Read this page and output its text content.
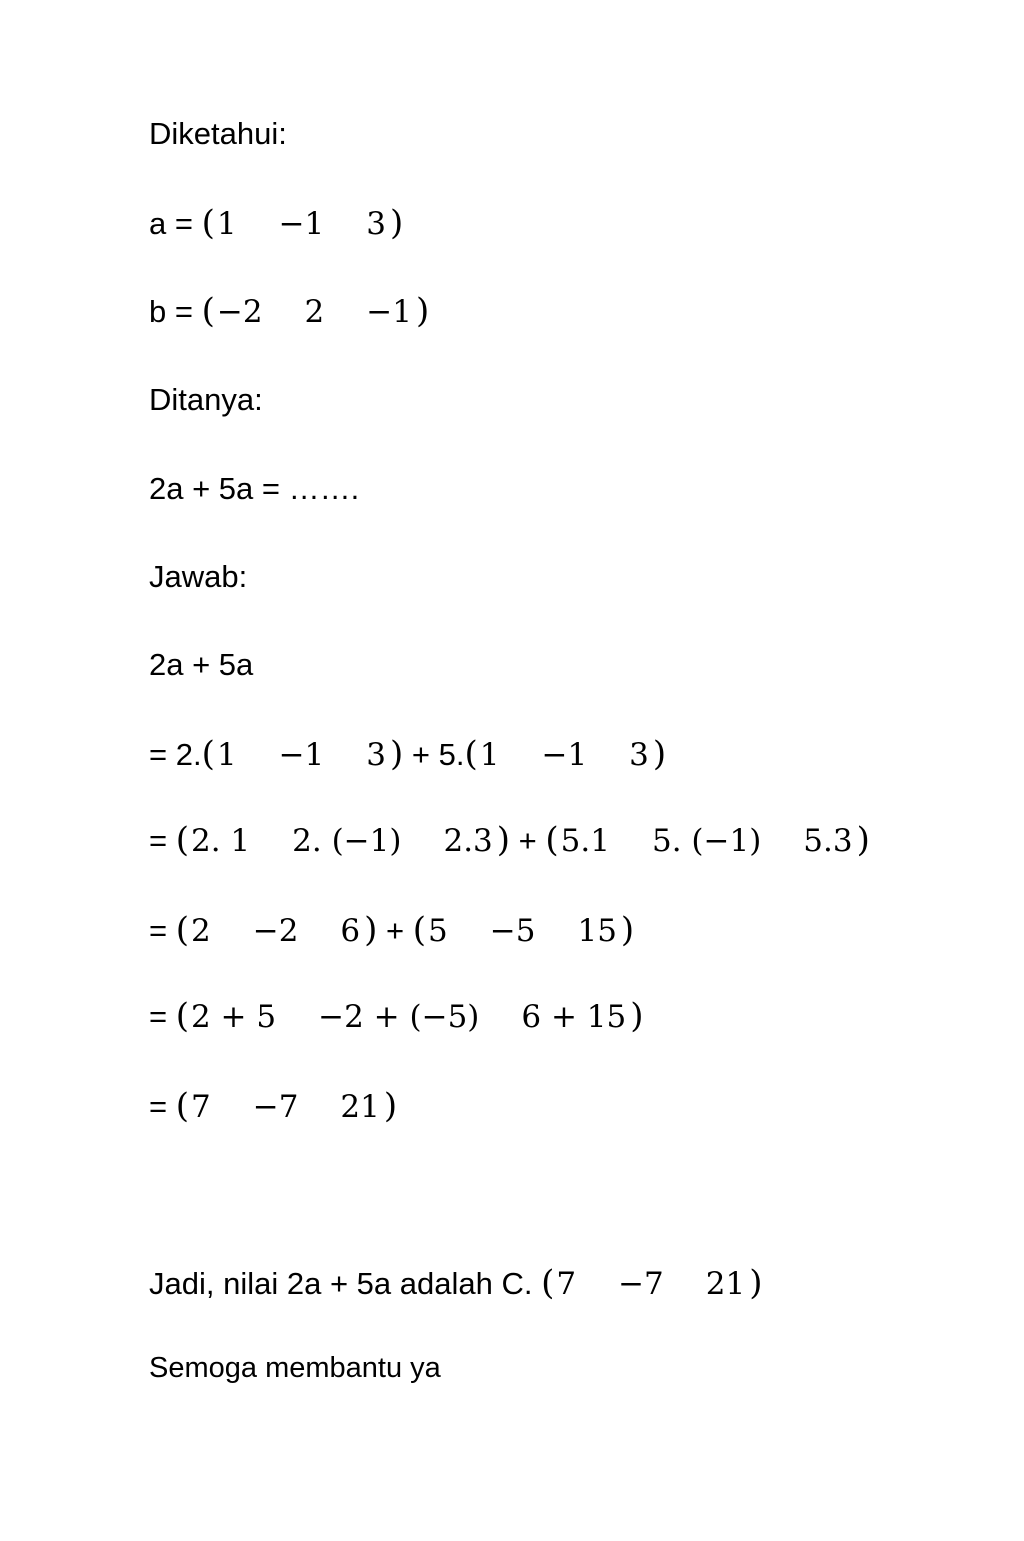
Diketahui:
a = ( 1 −1 3 )
b = ( −2 2 −1 )
Ditanya:
2a + 5a = …….
Jawab:
2a + 5a
= 2. ( 1 −1 3 ) + 5. ( 1 −1 3 )
= ( 2. 1 2. (−1) 2.3 ) + ( 5.1 5. (−1) 5.3 )
= ( 2 −2 6 ) + ( 5 −5 15 )
= ( 2 + 5 −2 + (−5) 6 + 15 )
= ( 7 −7 21 )
Jadi, nilai 2a + 5a adalah C. ( 7 −7 21 )
Semoga membantu ya
